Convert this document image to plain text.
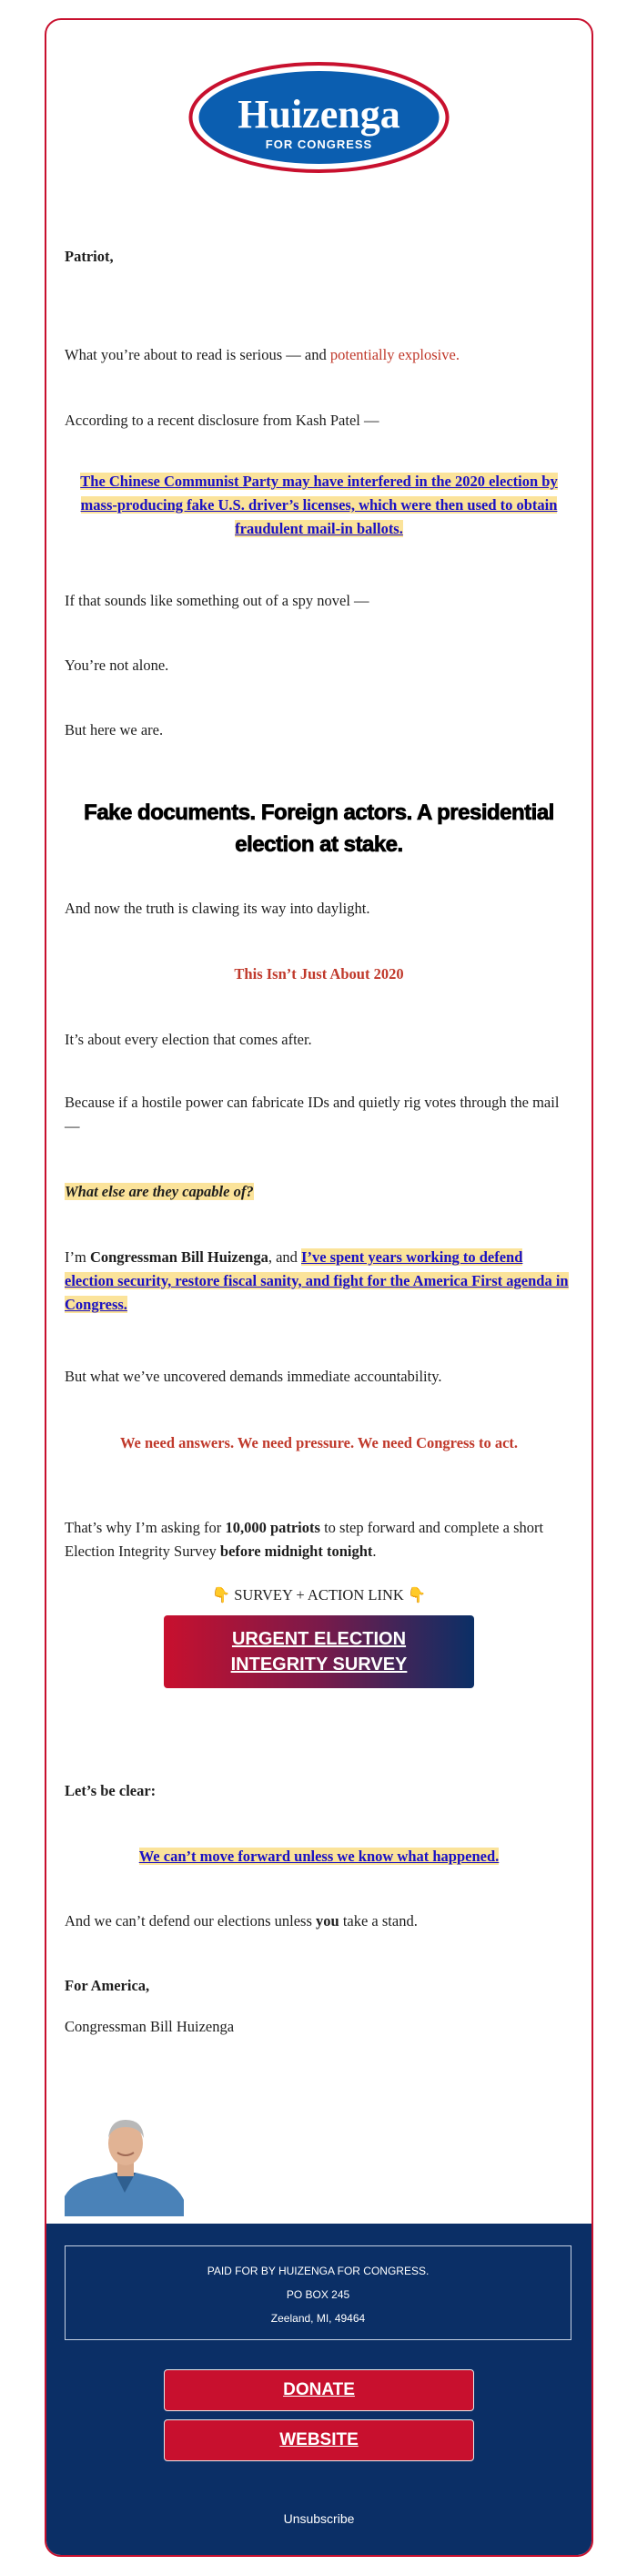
Huizenga
FOR CONGRESS
Patriot,
What you’re about to read is serious — and potentially explosive.
According to a recent disclosure from Kash Patel —
The Chinese Communist Party may have interfered in the 2020 election by mass-producing fake U.S. driver’s licenses, which were then used to obtain fraudulent mail-in ballots.
If that sounds like something out of a spy novel —
You’re not alone.
But here we are.
Fake documents. Foreign actors. A presidential election at stake.
And now the truth is clawing its way into daylight.
This Isn’t Just About 2020
It’s about every election that comes after.
Because if a hostile power can fabricate IDs and quietly rig votes through the mail —
What else are they capable of?
I’m Congressman Bill Huizenga, and I’ve spent years working to defend election security, restore fiscal sanity, and fight for the America First agenda in Congress.
But what we’ve uncovered demands immediate accountability.
We need answers. We need pressure. We need Congress to act.
That’s why I’m asking for 10,000 patriots to step forward and complete a short Election Integrity Survey before midnight tonight.
👇 SURVEY + ACTION LINK 👇
URGENT ELECTION INTEGRITY SURVEY
Let’s be clear:
We can’t move forward unless we know what happened.
And we can’t defend our elections unless you take a stand.
For America,
Congressman Bill Huizenga
PAID FOR BY HUIZENGA FOR CONGRESS.
PO BOX 245
Zeeland, MI, 49464
DONATE
WEBSITE
Unsubscribe
